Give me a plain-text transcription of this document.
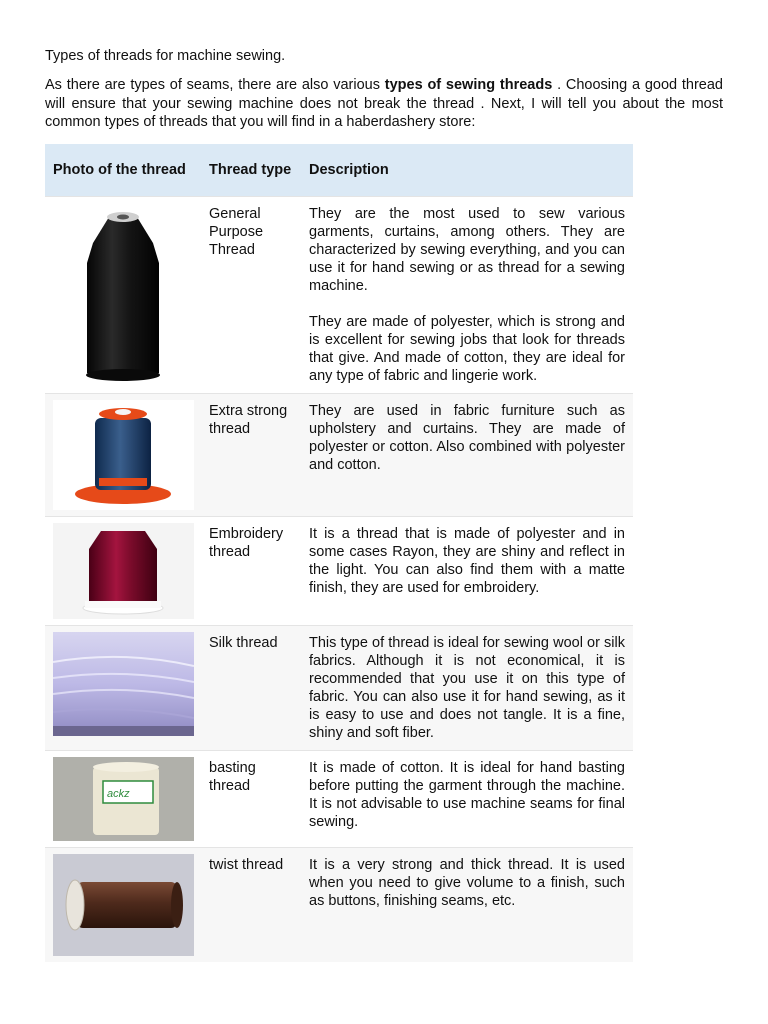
Types of threads for machine sewing.

As there are types of seams, there are also various types of sewing threads . Choosing a good thread will ensure that your sewing machine does not break the thread . Next, I will tell you about the most common types of threads that you will find in a haberdashery store:

Photo of the thread	Thread type	Description

	General Purpose Thread	They are the most used to sew various garments, curtains, among others. They are characterized by sewing everything, and you can use it for hand sewing or as thread for a sewing machine.

They are made of polyester, which is strong and is excellent for sewing jobs that look for threads that give. And made of cotton, they are ideal for any type of fabric and lingerie work.

	Extra strong thread	They are used in fabric furniture such as upholstery and curtains. They are made of polyester or cotton. Also combined with polyester and cotton.

	Embroidery thread	It is a thread that is made of polyester and in some cases Rayon, they are shiny and reflect in the light. You can also find them with a matte finish, they are used for embroidery.

	Silk thread	This type of thread is ideal for sewing wool or silk fabrics. Although it is not economical, it is recommended that you use it on this type of fabric. You can also use it for hand sewing, as it is easy to use and does not tangle. It is a fine, shiny and soft fiber.

ackz	basting thread	It is made of cotton. It is ideal for hand basting before putting the garment through the machine. It is not advisable to use machine seams for final sewing.

	twist thread	It is a very strong and thick thread. It is used when you need to give volume to a finish, such as buttons, finishing seams, etc.
